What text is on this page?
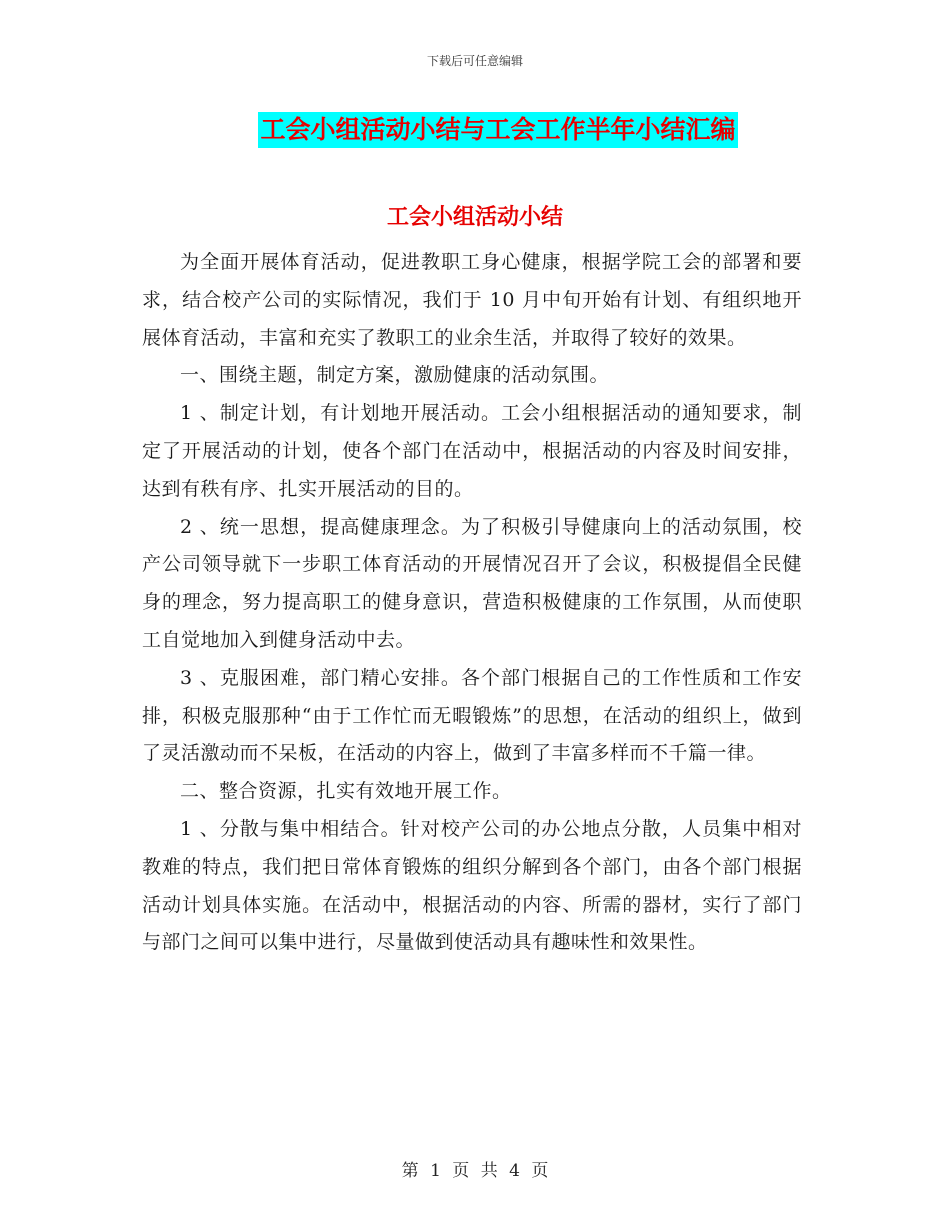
下载后可任意编辑
工会小组活动小结与工会工作半年小结汇编
工会小组活动小结

为全面开展体育活动，促进教职工身心健康，根据学院工会的部署和要求，结合校产公司的实际情况，我们于 10 月中旬开始有计划、有组织地开展体育活动，丰富和充实了教职工的业余生活，并取得了较好的效果。

一、围绕主题，制定方案，激励健康的活动氛围。

1 、制定计划，有计划地开展活动。工会小组根据活动的通知要求，制定了开展活动的计划，使各个部门在活动中，根据活动的内容及时间安排，达到有秩有序、扎实开展活动的目的。

2 、统一思想，提高健康理念。为了积极引导健康向上的活动氛围，校产公司领导就下一步职工体育活动的开展情况召开了会议，积极提倡全民健身的理念，努力提高职工的健身意识，营造积极健康的工作氛围，从而使职工自觉地加入到健身活动中去。

3 、克服困难，部门精心安排。各个部门根据自己的工作性质和工作安排，积极克服那种“由于工作忙而无暇锻炼”的思想，在活动的组织上，做到了灵活激动而不呆板，在活动的内容上，做到了丰富多样而不千篇一律。

二、整合资源，扎实有效地开展工作。

1 、分散与集中相结合。针对校产公司的办公地点分散，人员集中相对教难的特点，我们把日常体育锻炼的组织分解到各个部门，由各个部门根据活动计划具体实施。在活动中，根据活动的内容、所需的器材，实行了部门与部门之间可以集中进行，尽量做到使活动具有趣味性和效果性。

第 1 页 共 4 页
